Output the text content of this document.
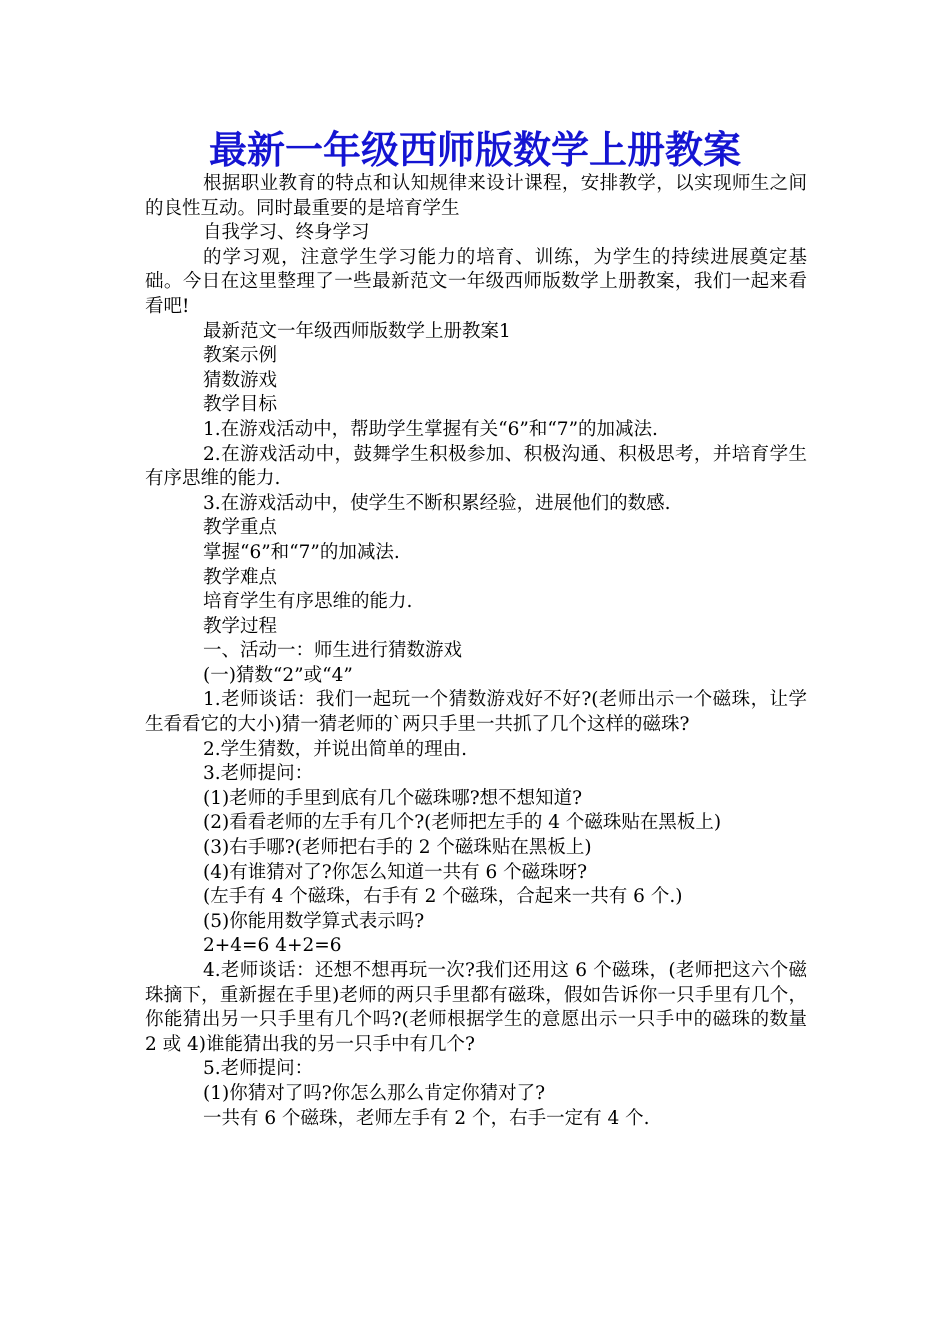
最新一年级西师版数学上册教案

根据职业教育的特点和认知规律来设计课程，安排教学，以实现师生之间的良性互动。同时最重要的是培育学生

自我学习、终身学习

的学习观，注意学生学习能力的培育、训练，为学生的持续进展奠定基础。今日在这里整理了一些最新范文一年级西师版数学上册教案，我们一起来看看吧!

最新范文一年级西师版数学上册教案1

教案示例

猜数游戏

教学目标

1.在游戏活动中，帮助学生掌握有关“6”和“7”的加减法.

2.在游戏活动中，鼓舞学生积极参加、积极沟通、积极思考，并培育学生有序思维的能力.

3.在游戏活动中，使学生不断积累经验，进展他们的数感.

教学重点

掌握“6”和“7”的加减法.

教学难点

培育学生有序思维的能力.

教学过程

一、活动一：师生进行猜数游戏

(一)猜数“2”或“4”

1.老师谈话：我们一起玩一个猜数游戏好不好?(老师出示一个磁珠，让学生看看它的大小)猜一猜老师的`两只手里一共抓了几个这样的磁珠?

2.学生猜数，并说出简单的理由.

3.老师提问：

(1)老师的手里到底有几个磁珠哪?想不想知道?

(2)看看老师的左手有几个?(老师把左手的 4 个磁珠贴在黑板上)

(3)右手哪?(老师把右手的 2 个磁珠贴在黑板上)

(4)有谁猜对了?你怎么知道一共有 6 个磁珠呀?

(左手有 4 个磁珠，右手有 2 个磁珠，合起来一共有 6 个.)

(5)你能用数学算式表示吗?

2+4=6 4+2=6

4.老师谈话：还想不想再玩一次?我们还用这 6 个磁珠，(老师把这六个磁珠摘下，重新握在手里)老师的两只手里都有磁珠，假如告诉你一只手里有几个，你能猜出另一只手里有几个吗?(老师根据学生的意愿出示一只手中的磁珠的数量 2 或 4)谁能猜出我的另一只手中有几个?

5.老师提问：

(1)你猜对了吗?你怎么那么肯定你猜对了?

一共有 6 个磁珠，老师左手有 2 个，右手一定有 4 个.
